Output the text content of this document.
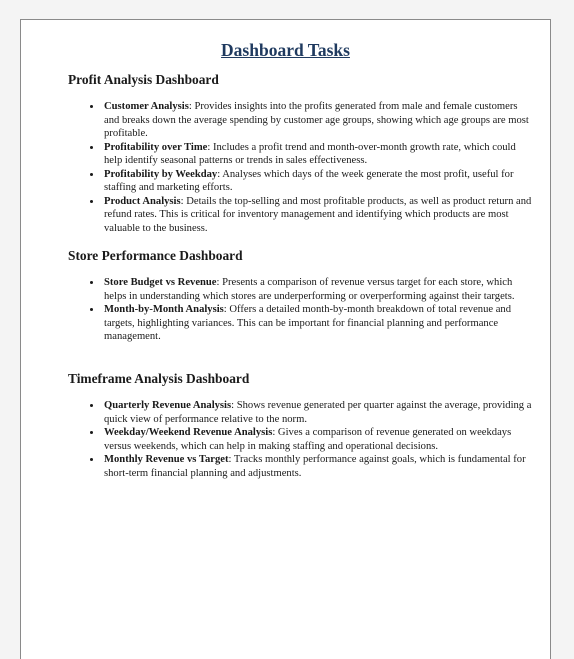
Dashboard Tasks
Profit Analysis Dashboard
• Customer Analysis: Provides insights into the profits generated from male and female customers and breaks down the average spending by customer age groups, showing which age groups are most profitable.
• Profitability over Time: Includes a profit trend and month-over-month growth rate, which could help identify seasonal patterns or trends in sales effectiveness.
• Profitability by Weekday: Analyses which days of the week generate the most profit, useful for staffing and marketing efforts.
• Product Analysis: Details the top-selling and most profitable products, as well as product return and refund rates. This is critical for inventory management and identifying which products are most valuable to the business.
Store Performance Dashboard
• Store Budget vs Revenue: Presents a comparison of revenue versus target for each store, which helps in understanding which stores are underperforming or overperforming against their targets.
• Month-by-Month Analysis: Offers a detailed month-by-month breakdown of total revenue and targets, highlighting variances. This can be important for financial planning and performance management.
Timeframe Analysis Dashboard
• Quarterly Revenue Analysis: Shows revenue generated per quarter against the average, providing a quick view of performance relative to the norm.
• Weekday/Weekend Revenue Analysis: Gives a comparison of revenue generated on weekdays versus weekends, which can help in making staffing and operational decisions.
• Monthly Revenue vs Target: Tracks monthly performance against goals, which is fundamental for short-term financial planning and adjustments.
